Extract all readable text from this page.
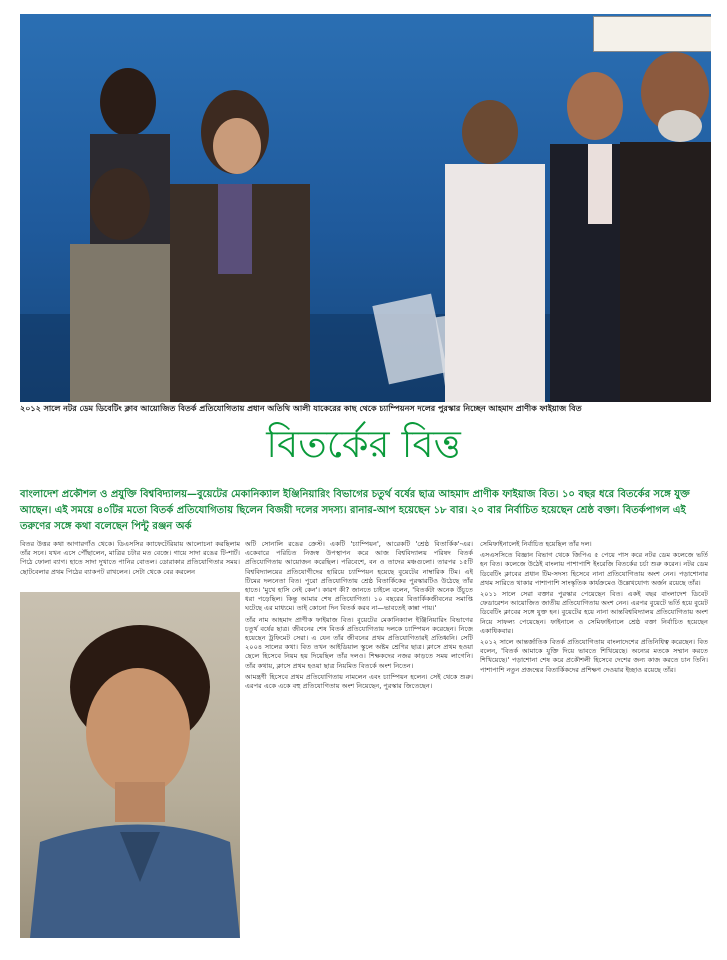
২০১২ সালে নটর ডেম ডিবেটিং ক্লাব আয়োজিত বিতর্ক প্রতিযোগিতায় প্রধান অতিথি আলী যাকেরের কাছ থেকে চ্যাম্পিয়নস দলের পুরস্কার নিচ্ছেন আহমাদ প্রাণীক ফাইয়াজ বিত
বিতর্কের বিত্ত
বাংলাদেশ প্রকৌশল ও প্রযুক্তি বিশ্ববিদ্যালয়—বুয়েটের মেকানিক্যাল ইঞ্জিনিয়ারিং বিভাগের চতুর্থ বর্ষের ছাত্র আহমাদ প্রাণীক ফাইয়াজ বিত। ১০ বছর ধরে বিতর্কের সঙ্গে যুক্ত আছেন। এই সময়ে ৪০টির মতো বিতর্ক প্রতিযোগিতায় ছিলেন বিজয়ী দলের সদস্য। রানার-আপ হয়েছেন ১৮ বার। ২০ বার নির্বাচিত হয়েছেন শ্রেষ্ঠ বক্তা। বিতর্কপাগল এই তরুণের সঙ্গে কথা বলেছেন পিন্টু রঞ্জন অর্ক

বিতর উত্তর কথা আগারগাঁও থেকে। ডিএসসির ক্যাফেটেরিয়ায় আলোচনা করছিলাম তাঁর সনে। যখন এসে পৌঁছালেন, মাত্রির চটার মত বেজে। গায়ে সাদা রঙের টি-শার্ট। পিঠে ফোলা ব্যাগ। হাতে সাদা দুখাতে পানির বোতল। ডোরাকার প্রতিযোগিতার সময়। ছোটবেলার প্রথম পিঠের ব্যাকপট রাখলেন। সেটা থেকে বের করলেন

অটি সোনালি রঙের ক্রেস্ট। একটি 'চ্যাম্পিয়ন', আরেকটি 'শ্রেষ্ঠ বিতার্কিক'-এর। একেবারে পরিচিত নিজস্ব উপস্থাপন করে আজ বিশ্ববিদ্যালয় পরিষদ বিতর্ক প্রতিযোগিতায় আয়োজন করেছিল। পরিবেশে, বন ও তাদের মঞ্চগুলো। তারপর ১৫টি বিশ্ববিদ্যালয়ের প্রতিযোগীদের হারিয়ে চ্যাম্পিয়ন হয়েছে বুয়েটের নাম্বারিক টিম। এই টিমের দলনেতা বিত। পুরো প্রতিযোগিতায় শ্রেষ্ঠ বিতার্কিকের পুরস্কারটিও উঠেছে তাঁর হাতে। 'মুখে হাসি নেই কেন'। কারণ কী? জানতে চাইলে বলেন, 'বিতর্কটা অনেক উঁচুতে ধরা পড়েছিল। কিন্তু আমার শেষ প্রতিযোগিতা। ১০ বছরের বিতার্কিকজীবনের সমাপ্তি ঘটেছে এর মাধ্যমে। তাই কোনো দিন বিতর্ক করব না—ভাবতেই কান্না পায়।'

তাঁর নাম আহমাদ প্রাণীক ফাইয়াজ বিত। বুয়েটের মেকানিক্যাল ইঞ্জিনিয়ারিং বিভাগের চতুর্থ বর্ষের ছাত্র। জীবনের শেষ বিতর্ক প্রতিযোগিতায় দলকে চ্যাম্পিয়ন করেছেন। নিজে হয়েছেন ট্রফিমেট সেরা। এ যেন তাঁর জীবনের প্রথম প্রতিযোগিতারই প্রতিধ্বনি। সেটি ২০০৪ সালের কথা। বিত তখন আইডিয়াল স্কুলে অষ্টম শ্রেণির ছাত্র। ক্লাসে প্রথম হওয়া ছেলে হিসেবে নিয়ম হয় দিয়েছিল তাঁর দলও। শিক্ষকদের নজর কাড়তে সময় লাগেনি। তাঁর কথায়, ক্লাসে প্রথম হওয়া ছাত্র নিয়মিত বিতর্কে অংশ নিতেন।

আমন্ত্রণী হিসেবে প্রথম প্রতিযোগিতায় নামলেন এবং চ্যাম্পিয়ন হলেন। সেই থেকে শুরু। এরপর একে একে বহু প্রতিযোগিতায় অংশ নিয়েছেন, পুরস্কার জিতেছেন।

সেমিফাইনালেই নির্বাচিত হয়েছিল তাঁর দল।

এসএসসিতে বিজ্ঞান বিভাগ থেকে জিপিএ ৫ পেয়ে পাস করে নটর ডেম কলেজে ভর্তি হন বিত। কলেজে উঠেই বাংলায় পাশাপাশি ইংরেজি বিতর্কের চর্চা শুরু করেন। নটর ডেম ডিবেটিং ক্লাবের প্রধান টিম-সদস্য হিসেবে নানা প্রতিযোগিতায় অংশ নেন। পড়াশোনার প্রথম সারিতে থাকার পাশাপাশি সাংস্কৃতিক কার্যক্রমেও উল্লেখযোগ্য অর্জন রয়েছে তাঁর।

২০১১ সালে সেরা বক্তার পুরস্কার পেয়েছেন বিত। একই বছর বাংলাদেশ ডিবেট ফেডারেশন আয়োজিত জাতীয় প্রতিযোগিতায় অংশ নেন। এরপর বুয়েটে ভর্তি হয়ে বুয়েট ডিবেটিং ক্লাবের সঙ্গে যুক্ত হন। বুয়েটের হয়ে নানা আন্তবিশ্ববিদ্যালয় প্রতিযোগিতায় অংশ নিয়ে সাফল্য পেয়েছেন। ফাইনালে ও সেমিফাইনালে শ্রেষ্ঠ বক্তা নির্বাচিত হয়েছেন একাধিকবার।

২০১২ সালে আন্তর্জাতিক বিতর্ক প্রতিযোগিতায় বাংলাদেশের প্রতিনিধিত্ব করেছেন। বিত বলেন, 'বিতর্ক আমাকে যুক্তি দিয়ে ভাবতে শিখিয়েছে। অন্যের মতকে সম্মান করতে শিখিয়েছে।' পড়াশোনা শেষ করে প্রকৌশলী হিসেবে দেশের জন্য কাজ করতে চান তিনি। পাশাপাশি নতুন প্রজন্মের বিতার্কিকদের প্রশিক্ষণ দেওয়ার ইচ্ছাও রয়েছে তাঁর।
